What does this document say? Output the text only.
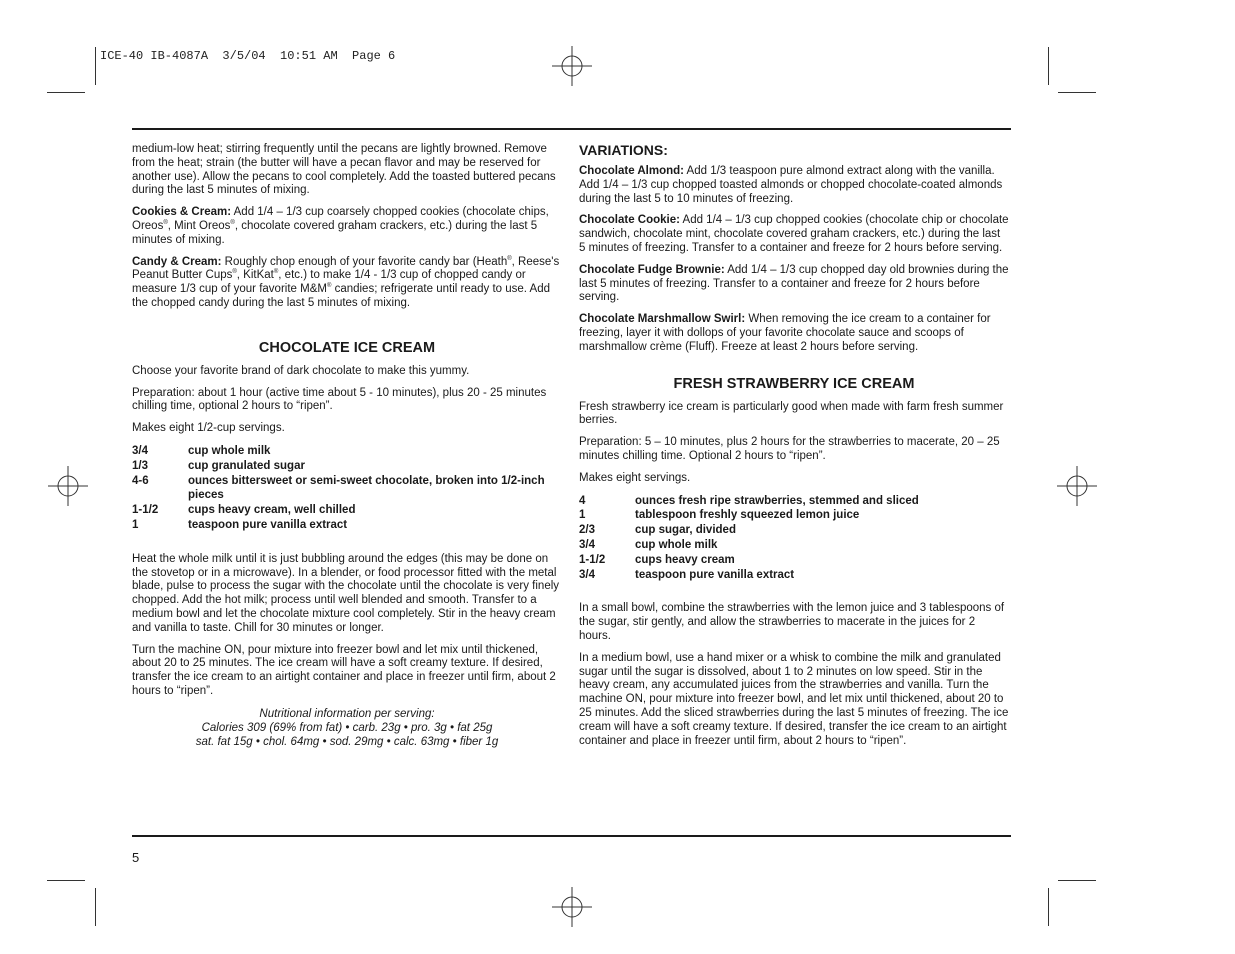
ICE-40 IB-4087A  3/5/04  10:51 AM  Page 6

medium-low heat; stirring frequently until the pecans are lightly browned. Remove from the heat; strain (the butter will have a pecan flavor and may be reserved for another use). Allow the pecans to cool completely. Add the toasted buttered pecans during the last 5 minutes of mixing.

Cookies & Cream: Add 1/4 – 1/3 cup coarsely chopped cookies (chocolate chips, Oreos®, Mint Oreos®, chocolate covered graham crackers, etc.) during the last 5 minutes of mixing.

Candy & Cream: Roughly chop enough of your favorite candy bar (Heath®, Reese's Peanut Butter Cups®, KitKat®, etc.) to make 1/4 - 1/3 cup of chopped candy or measure 1/3 cup of your favorite M&M® candies; refrigerate until ready to use. Add the chopped candy during the last 5 minutes of mixing.

CHOCOLATE ICE CREAM

Choose your favorite brand of dark chocolate to make this yummy.

Preparation: about 1 hour (active time about 5 - 10 minutes), plus 20 - 25 minutes chilling time, optional 2 hours to “ripen”.

Makes eight 1/2-cup servings.

3/4	cup whole milk
1/3	cup granulated sugar
4-6	ounces bittersweet or semi-sweet chocolate, broken into 1/2-inch pieces
1-1/2	cups heavy cream, well chilled
1	teaspoon pure vanilla extract

Heat the whole milk until it is just bubbling around the edges (this may be done on the stovetop or in a microwave). In a blender, or food processor fitted with the metal blade, pulse to process the sugar with the chocolate until the chocolate is very finely chopped. Add the hot milk; process until well blended and smooth. Transfer to a medium bowl and let the chocolate mixture cool completely. Stir in the heavy cream and vanilla to taste. Chill for 30 minutes or longer.

Turn the machine ON, pour mixture into freezer bowl and let mix until thickened, about 20 to 25 minutes. The ice cream will have a soft creamy texture. If desired, transfer the ice cream to an airtight container and place in freezer until firm, about 2 hours to “ripen”.

Nutritional information per serving:
Calories 309 (69% from fat) • carb. 23g • pro. 3g • fat 25g
sat. fat 15g • chol. 64mg • sod. 29mg • calc. 63mg • fiber 1g
VARIATIONS:

Chocolate Almond: Add 1/3 teaspoon pure almond extract along with the vanilla. Add 1/4 – 1/3 cup chopped toasted almonds or chopped chocolate-coated almonds during the last 5 to 10 minutes of freezing.

Chocolate Cookie: Add 1/4 – 1/3 cup chopped cookies (chocolate chip or chocolate sandwich, chocolate mint, chocolate covered graham crackers, etc.) during the last 5 minutes of freezing. Transfer to a container and freeze for 2 hours before serving.

Chocolate Fudge Brownie: Add 1/4 – 1/3 cup chopped day old brownies during the last 5 minutes of freezing. Transfer to a container and freeze for 2 hours before serving.

Chocolate Marshmallow Swirl: When removing the ice cream to a container for freezing, layer it with dollops of your favorite chocolate sauce and scoops of marshmallow crème (Fluff). Freeze at least 2 hours before serving.

FRESH STRAWBERRY ICE CREAM

Fresh strawberry ice cream is particularly good when made with farm fresh summer berries.

Preparation: 5 – 10 minutes, plus 2 hours for the strawberries to macerate, 20 – 25 minutes chilling time. Optional 2 hours to “ripen”.

Makes eight servings.

4	ounces fresh ripe strawberries, stemmed and sliced
1	tablespoon freshly squeezed lemon juice
2/3	cup sugar, divided
3/4	cup whole milk
1-1/2	cups heavy cream
3/4	teaspoon pure vanilla extract

In a small bowl, combine the strawberries with the lemon juice and 3 tablespoons of the sugar, stir gently, and allow the strawberries to macerate in the juices for 2 hours.

In a medium bowl, use a hand mixer or a whisk to combine the milk and granulated sugar until the sugar is dissolved, about 1 to 2 minutes on low speed. Stir in the heavy cream, any accumulated juices from the strawberries and vanilla. Turn the machine ON, pour mixture into freezer bowl, and let mix until thickened, about 20 to 25 minutes. Add the sliced strawberries during the last 5 minutes of freezing. The ice cream will have a soft creamy texture. If desired, transfer the ice cream to an airtight container and place in freezer until firm, about 2 hours to “ripen”.

5
